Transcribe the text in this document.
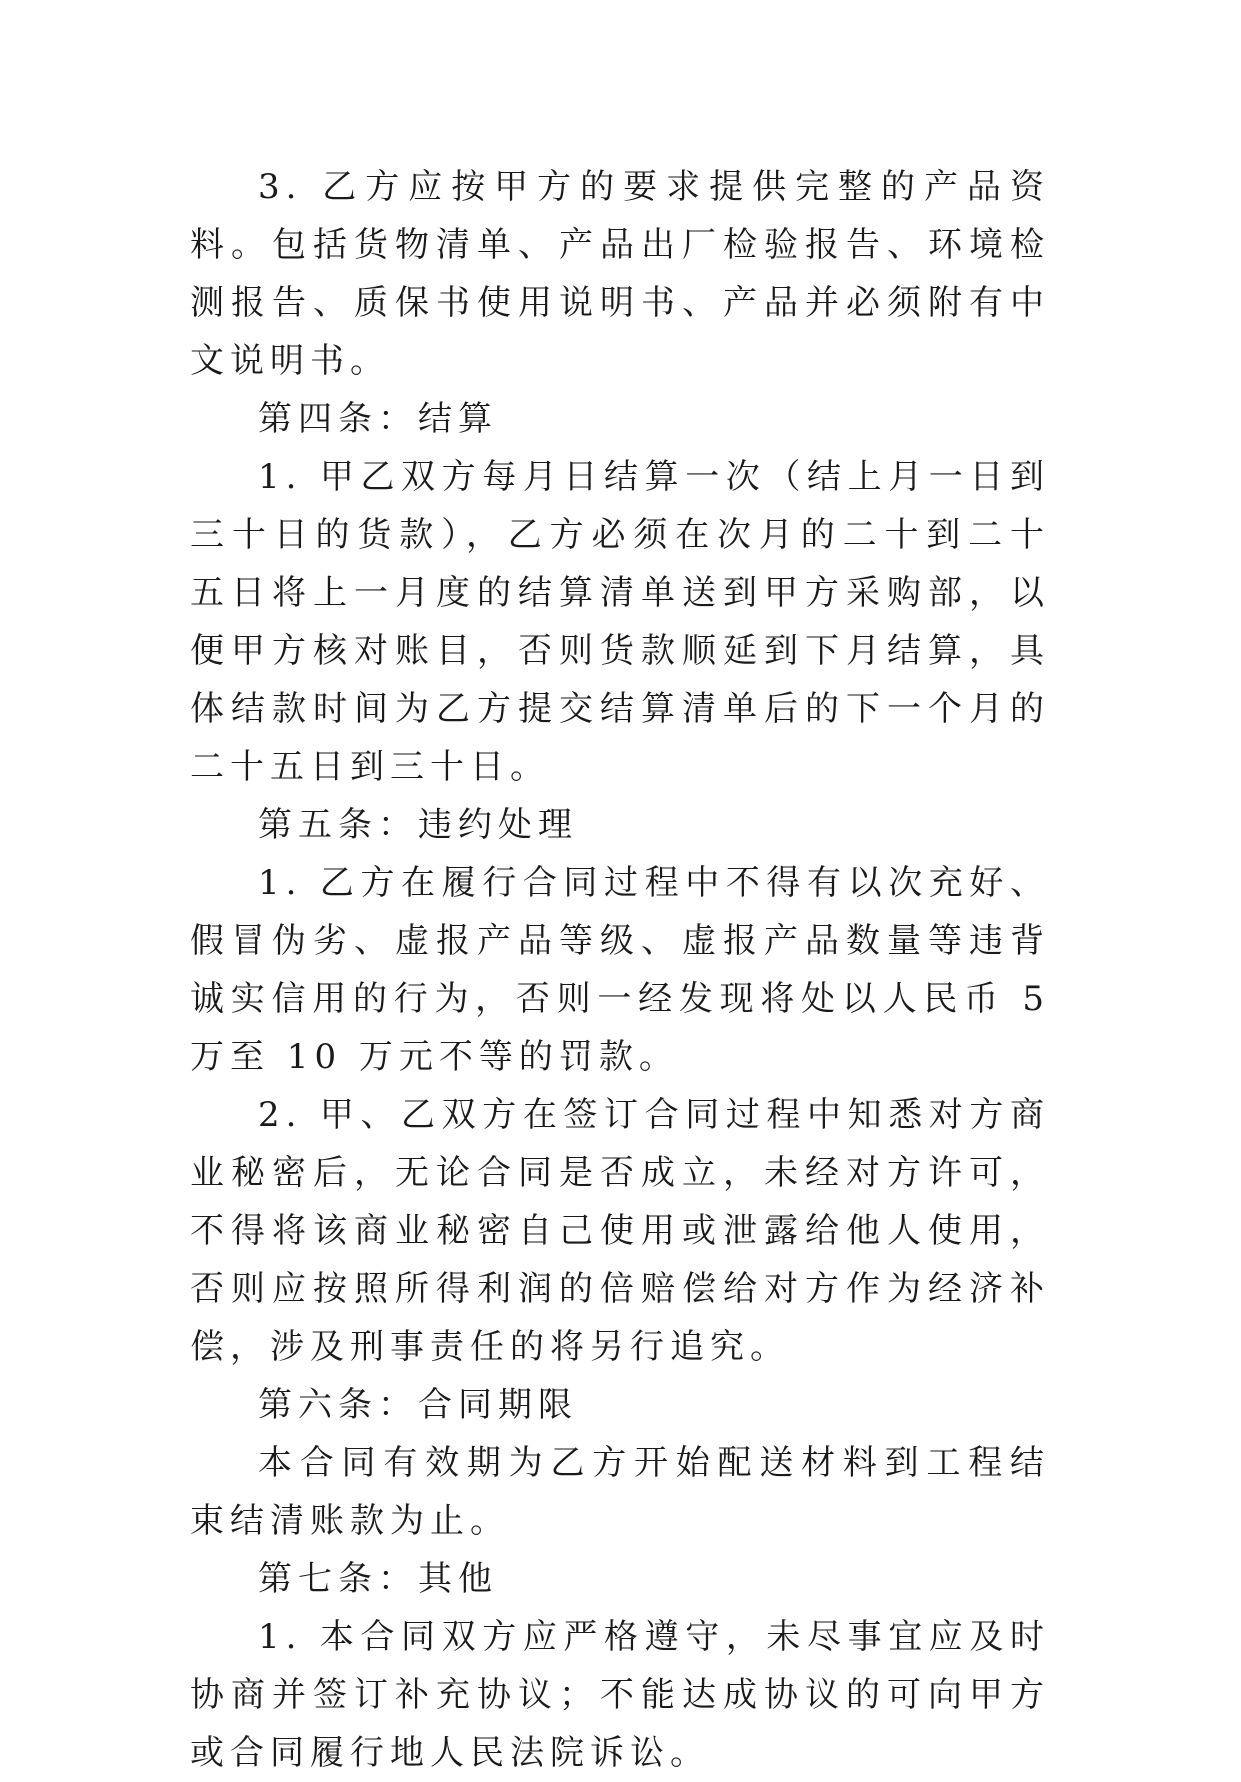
3. 乙方应按甲方的要求提供完整的产品资料。包括货物清单、产品出厂检验报告、环境检测报告、质保书使用说明书、产品并必须附有中文说明书。

第四条：结算

1. 甲乙双方每月日结算一次（结上月一日到三十日的货款），乙方必须在次月的二十到二十五日将上一月度的结算清单送到甲方采购部，以便甲方核对账目，否则货款顺延到下月结算，具体结款时间为乙方提交结算清单后的下一个月的二十五日到三十日。

第五条：违约处理

1. 乙方在履行合同过程中不得有以次充好、假冒伪劣、虚报产品等级、虚报产品数量等违背诚实信用的行为，否则一经发现将处以人民币 5 万至 10 万元不等的罚款。

2. 甲、乙双方在签订合同过程中知悉对方商业秘密后，无论合同是否成立，未经对方许可，不得将该商业秘密自己使用或泄露给他人使用，否则应按照所得利润的倍赔偿给对方作为经济补偿，涉及刑事责任的将另行追究。

第六条：合同期限

本合同有效期为乙方开始配送材料到工程结束结清账款为止。

第七条：其他

1. 本合同双方应严格遵守，未尽事宜应及时协商并签订补充协议；不能达成协议的可向甲方或合同履行地人民法院诉讼。
